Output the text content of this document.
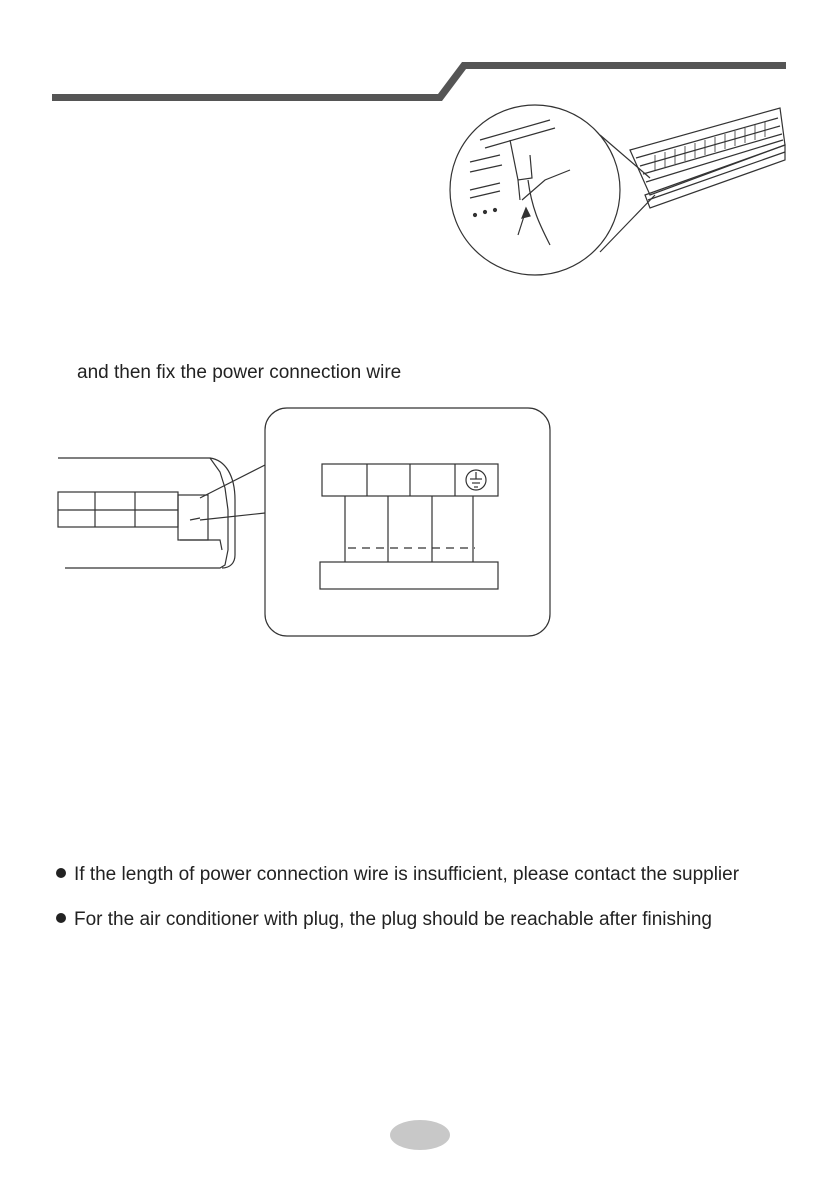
and then fix the power connection wire
If the length of power connection wire is insufficient, please contact the supplier
For the air conditioner with plug, the plug should be reachable after finishing
